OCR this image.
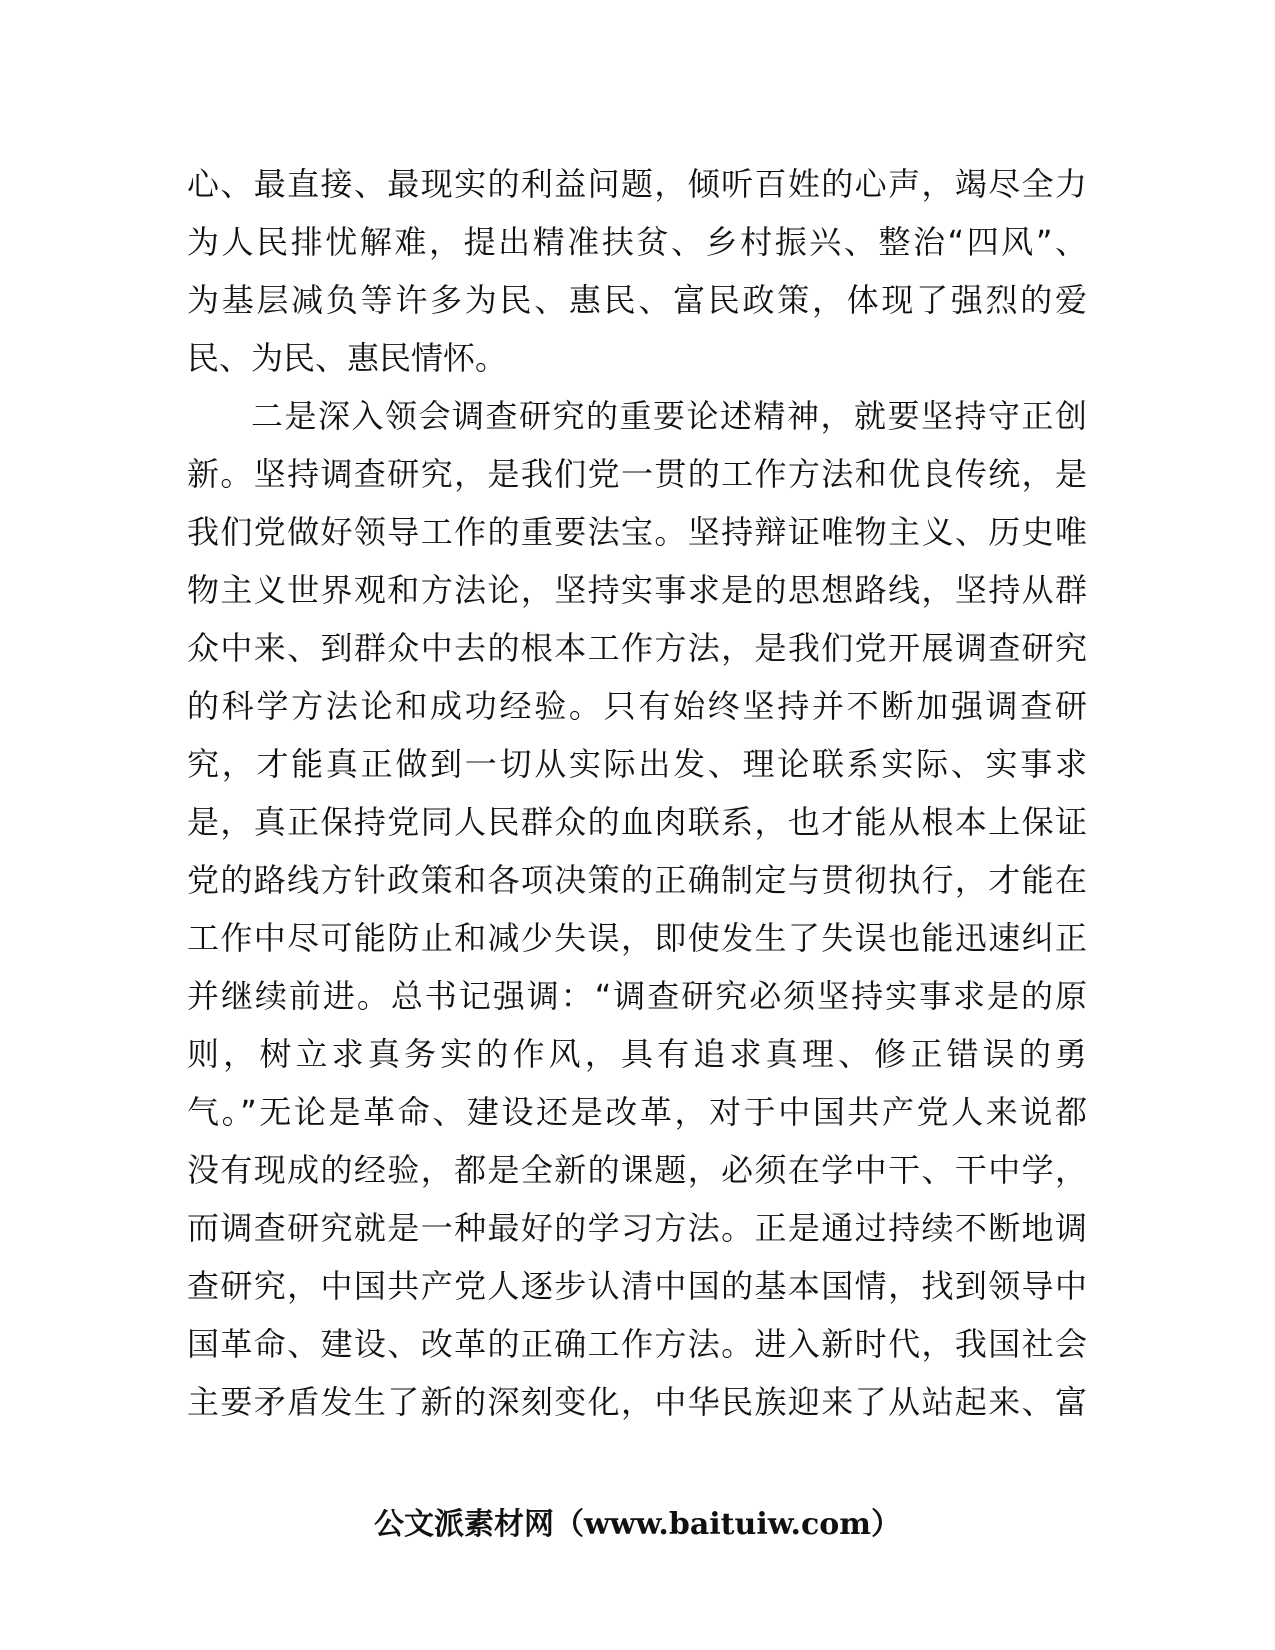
心、最直接、最现实的利益问题，倾听百姓的心声，竭尽全力
为人民排忧解难，提出精准扶贫、乡村振兴、整治“四风”、
为基层减负等许多为民、惠民、富民政策，体现了强烈的爱
民、为民、惠民情怀。
二是深入领会调查研究的重要论述精神，就要坚持守正创
新。坚持调查研究，是我们党一贯的工作方法和优良传统，是
我们党做好领导工作的重要法宝。坚持辩证唯物主义、历史唯
物主义世界观和方法论，坚持实事求是的思想路线，坚持从群
众中来、到群众中去的根本工作方法，是我们党开展调查研究
的科学方法论和成功经验。只有始终坚持并不断加强调查研
究，才能真正做到一切从实际出发、理论联系实际、实事求
是，真正保持党同人民群众的血肉联系，也才能从根本上保证
党的路线方针政策和各项决策的正确制定与贯彻执行，才能在
工作中尽可能防止和减少失误，即使发生了失误也能迅速纠正
并继续前进。总书记强调：“调查研究必须坚持实事求是的原
则，树立求真务实的作风，具有追求真理、修正错误的勇
气。”无论是革命、建设还是改革，对于中国共产党人来说都
没有现成的经验，都是全新的课题，必须在学中干、干中学，
而调查研究就是一种最好的学习方法。正是通过持续不断地调
查研究，中国共产党人逐步认清中国的基本国情，找到领导中
国革命、建设、改革的正确工作方法。进入新时代，我国社会
主要矛盾发生了新的深刻变化，中华民族迎来了从站起来、富
公文派素材网（www.baituiw.com）
